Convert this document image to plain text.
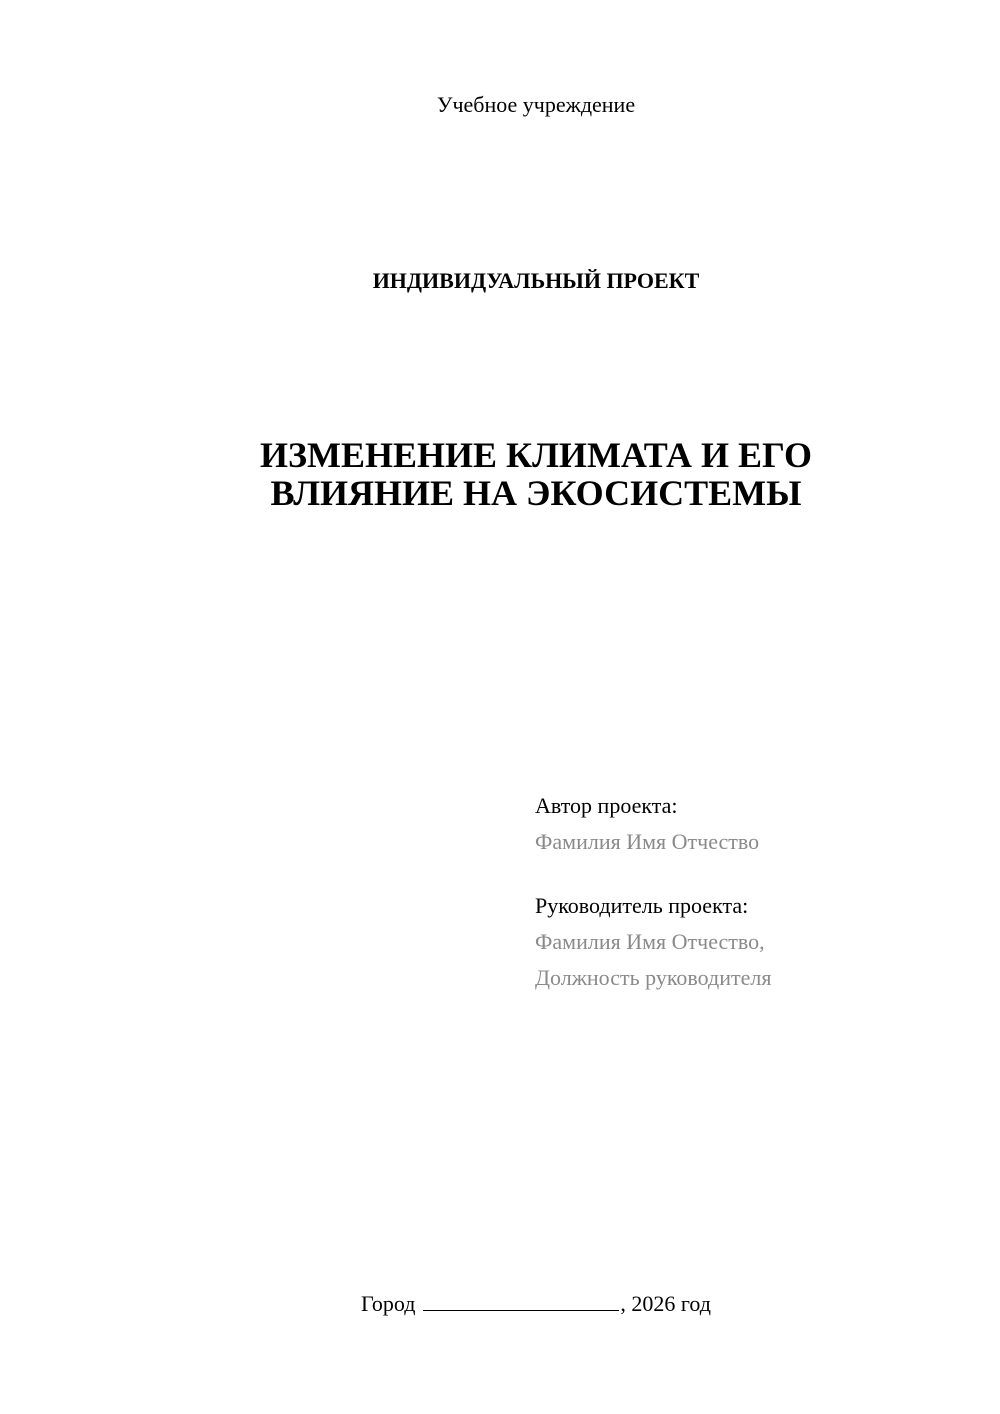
Учебное учреждение
ИНДИВИДУАЛЬНЫЙ ПРОЕКТ
ИЗМЕНЕНИЕ КЛИМАТА И ЕГО
ВЛИЯНИЕ НА ЭКОСИСТЕМЫ
Автор проекта:
Фамилия Имя Отчество
Руководитель проекта:
Фамилия Имя Отчество,
Должность руководителя
Город	, 2026 год
